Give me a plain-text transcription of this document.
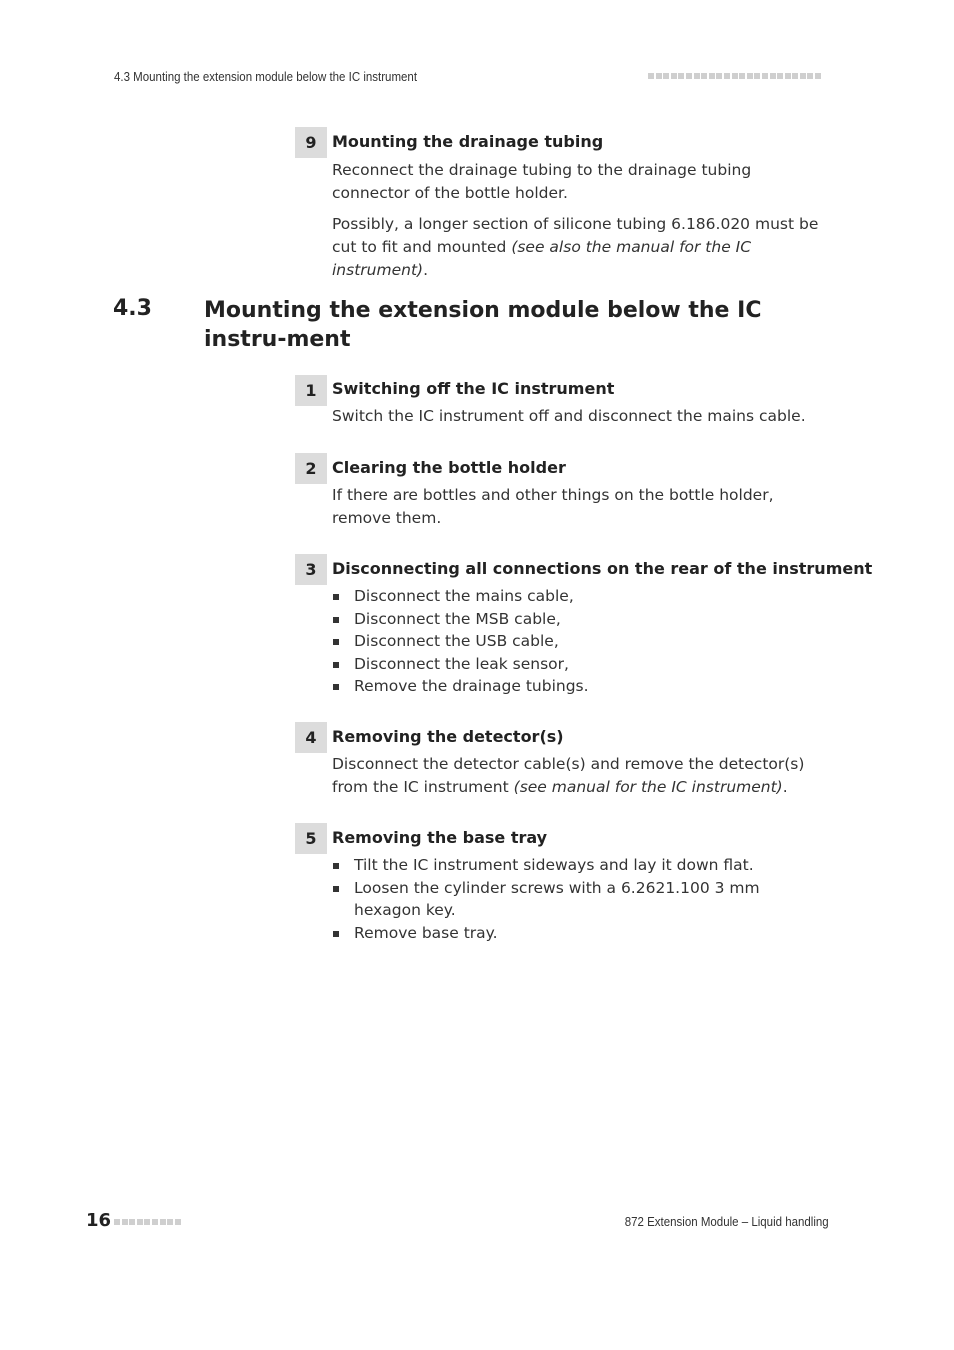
4.3 Mounting the extension module below the IC instrument
9 Mounting the drainage tubing
Reconnect the drainage tubing to the drainage tubing connector of the bottle holder.
Possibly, a longer section of silicone tubing 6.186.020 must be cut to fit and mounted (see also the manual for the IC instrument).
4.3 Mounting the extension module below the IC instru-ment
1 Switching off the IC instrument
Switch the IC instrument off and disconnect the mains cable.
2 Clearing the bottle holder
If there are bottles and other things on the bottle holder, remove them.
3 Disconnecting all connections on the rear of the instrument
Disconnect the mains cable,
Disconnect the MSB cable,
Disconnect the USB cable,
Disconnect the leak sensor,
Remove the drainage tubings.
4 Removing the detector(s)
Disconnect the detector cable(s) and remove the detector(s) from the IC instrument (see manual for the IC instrument).
5 Removing the base tray
Tilt the IC instrument sideways and lay it down flat.
Loosen the cylinder screws with a 6.2621.100 3 mm hexagon key.
Remove base tray.
16	872 Extension Module – Liquid handling
